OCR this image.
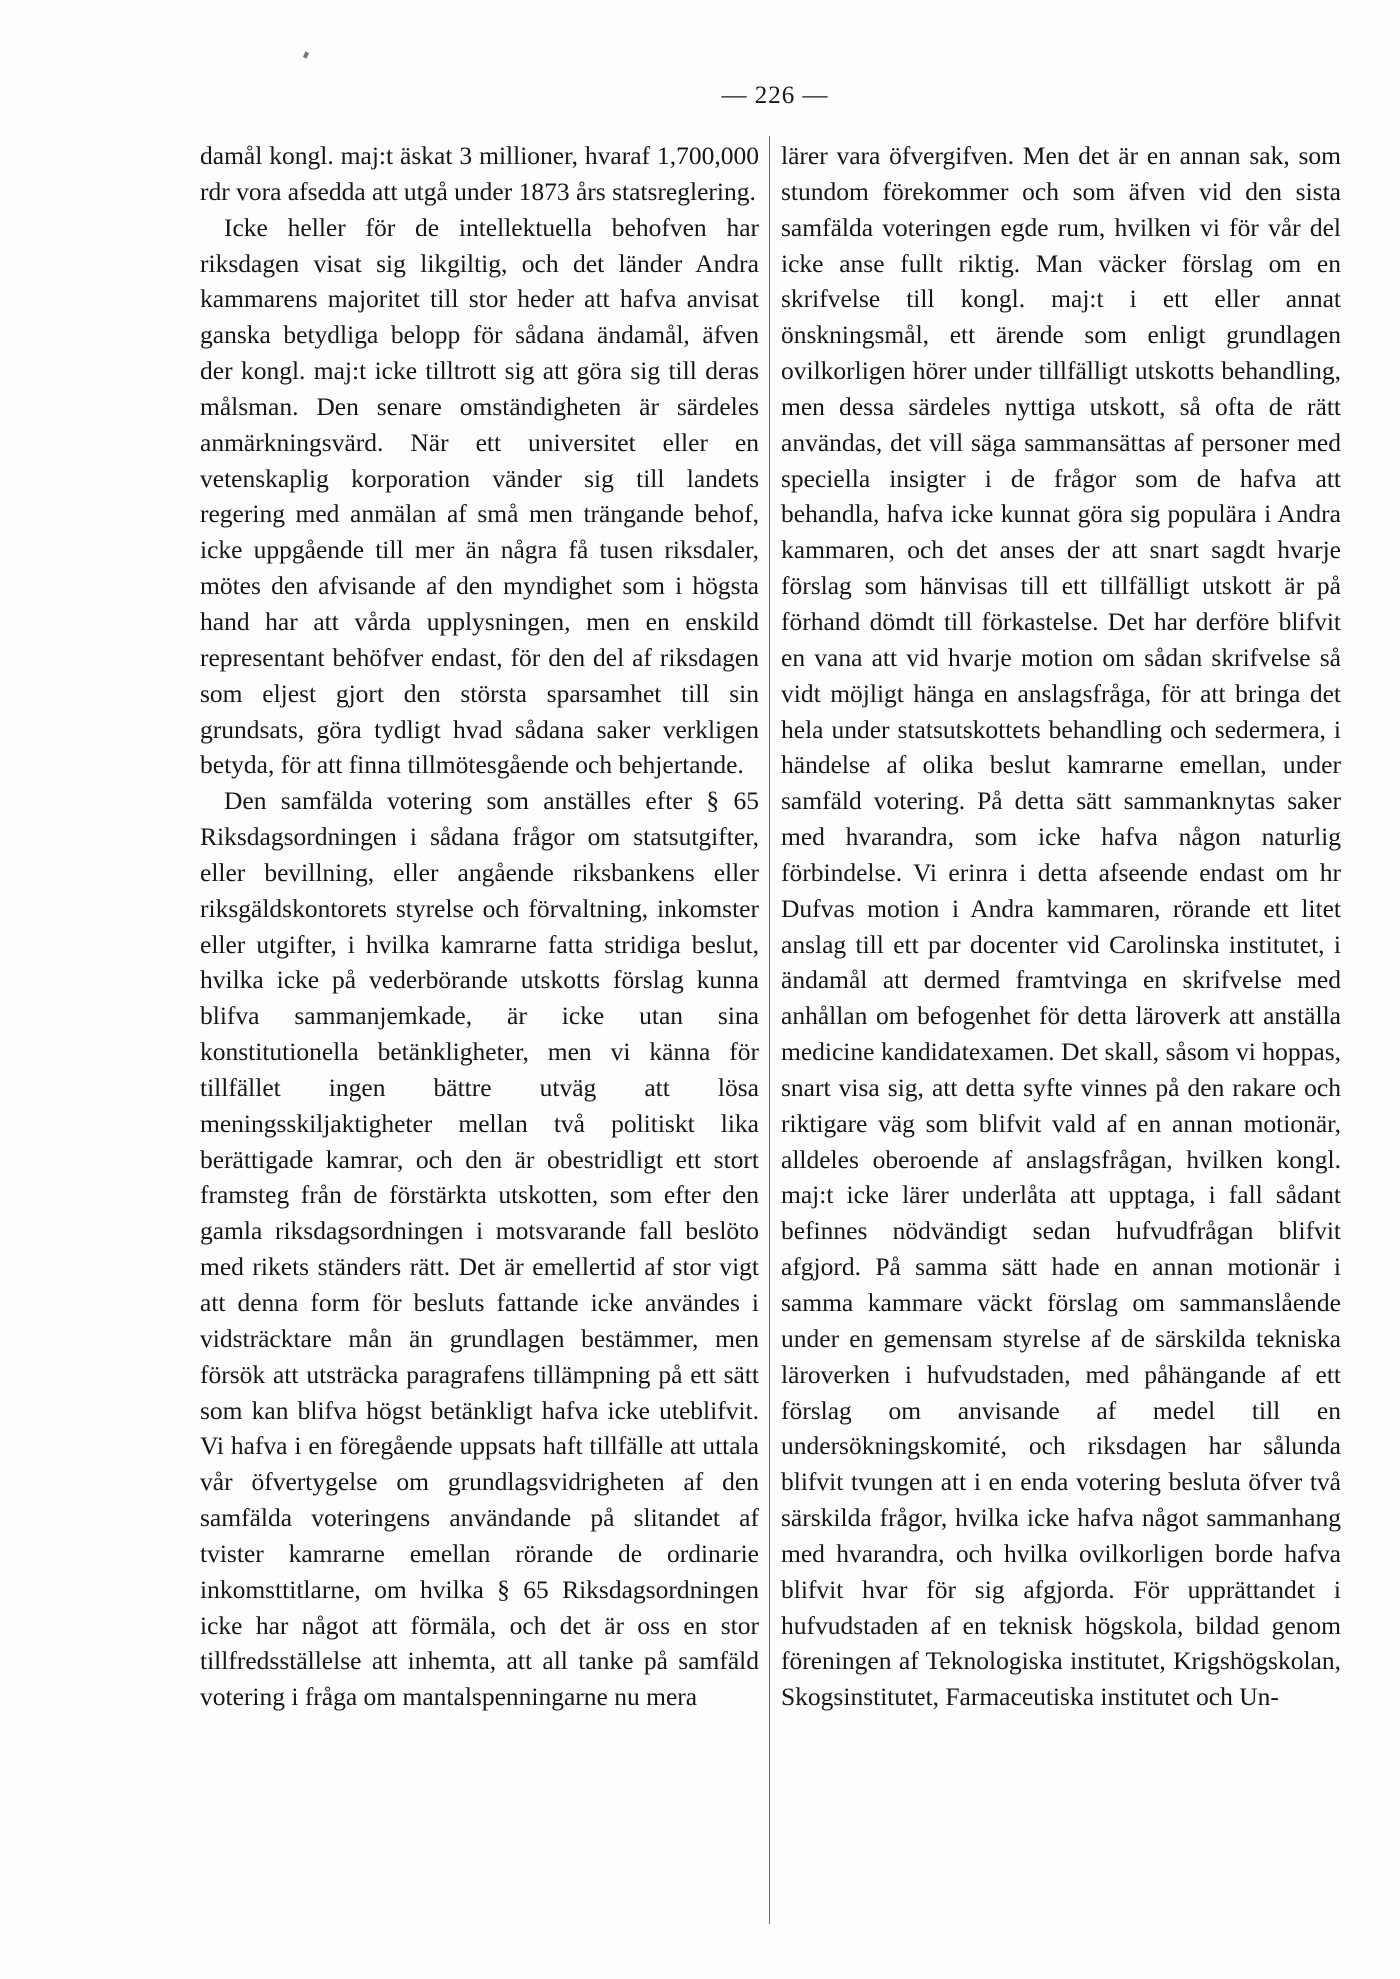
— 226 —

damål kongl. maj:t äskat 3 millioner, hvaraf 1,700,000 rdr vora afsedda att utgå under 1873 års statsreglering.

Icke heller för de intellektuella behofven har riksdagen visat sig likgiltig, och det länder Andra kammarens majoritet till stor heder att hafva anvisat ganska betydliga belopp för sådana ändamål, äfven der kongl. maj:t icke tilltrott sig att göra sig till deras målsman. Den senare omständigheten är särdeles anmärkningsvärd. När ett universitet eller en vetenskaplig korporation vänder sig till landets regering med anmälan af små men trängande behof, icke uppgående till mer än några få tusen riksdaler, mötes den afvisande af den myndighet som i högsta hand har att vårda upplysningen, men en enskild representant behöfver endast, för den del af riksdagen som eljest gjort den största sparsamhet till sin grundsats, göra tydligt hvad sådana saker verkligen betyda, för att finna tillmötesgående och behjertande.

Den samfälda votering som anställes efter § 65 Riksdagsordningen i sådana frågor om statsutgifter, eller bevillning, eller angående riksbankens eller riksgäldskontorets styrelse och förvaltning, inkomster eller utgifter, i hvilka kamrarne fatta stridiga beslut, hvilka icke på vederbörande utskotts förslag kunna blifva sammanjemkade, är icke utan sina konstitutionella betänkligheter, men vi känna för tillfället ingen bättre utväg att lösa meningsskiljaktigheter mellan två politiskt lika berättigade kamrar, och den är obestridligt ett stort framsteg från de förstärkta utskotten, som efter den gamla riksdagsordningen i motsvarande fall beslöto med rikets ständers rätt. Det är emellertid af stor vigt att denna form för besluts fattande icke användes i vidsträcktare mån än grundlagen bestämmer, men försök att utsträcka paragrafens tillämpning på ett sätt som kan blifva högst betänkligt hafva icke uteblifvit. Vi hafva i en föregående uppsats haft tillfälle att uttala vår öfvertygelse om grundlagsvidrigheten af den samfälda voteringens användande på slitandet af tvister kamrarne emellan rörande de ordinarie inkomsttitlarne, om hvilka § 65 Riksdagsordningen icke har något att förmäla, och det är oss en stor tillfredsställelse att inhemta, att all tanke på samfäld votering i fråga om mantalspenningarne nu mera

lärer vara öfvergifven. Men det är en annan sak, som stundom förekommer och som äfven vid den sista samfälda voteringen egde rum, hvilken vi för vår del icke anse fullt riktig. Man väcker förslag om en skrifvelse till kongl. maj:t i ett eller annat önskningsmål, ett ärende som enligt grundlagen ovilkorligen hörer under tillfälligt utskotts behandling, men dessa särdeles nyttiga utskott, så ofta de rätt användas, det vill säga sammansättas af personer med speciella insigter i de frågor som de hafva att behandla, hafva icke kunnat göra sig populära i Andra kammaren, och det anses der att snart sagdt hvarje förslag som hänvisas till ett tillfälligt utskott är på förhand dömdt till förkastelse. Det har derföre blifvit en vana att vid hvarje motion om sådan skrifvelse så vidt möjligt hänga en anslagsfråga, för att bringa det hela under statsutskottets behandling och sedermera, i händelse af olika beslut kamrarne emellan, under samfäld votering. På detta sätt sammanknytas saker med hvarandra, som icke hafva någon naturlig förbindelse. Vi erinra i detta afseende endast om hr Dufvas motion i Andra kammaren, rörande ett litet anslag till ett par docenter vid Carolinska institutet, i ändamål att dermed framtvinga en skrifvelse med anhållan om befogenhet för detta läroverk att anställa medicine kandidatexamen. Det skall, såsom vi hoppas, snart visa sig, att detta syfte vinnes på den rakare och riktigare väg som blifvit vald af en annan motionär, alldeles oberoende af anslagsfrågan, hvilken kongl. maj:t icke lärer underlåta att upptaga, i fall sådant befinnes nödvändigt sedan hufvudfrågan blifvit afgjord. På samma sätt hade en annan motionär i samma kammare väckt förslag om sammanslående under en gemensam styrelse af de särskilda tekniska läroverken i hufvudstaden, med påhängande af ett förslag om anvisande af medel till en undersökningskomité, och riksdagen har sålunda blifvit tvungen att i en enda votering besluta öfver två särskilda frågor, hvilka icke hafva något sammanhang med hvarandra, och hvilka ovilkorligen borde hafva blifvit hvar för sig afgjorda. För upprättandet i hufvudstaden af en teknisk högskola, bildad genom föreningen af Teknologiska institutet, Krigshögskolan, Skogsinstitutet, Farmaceutiska institutet och Un-
